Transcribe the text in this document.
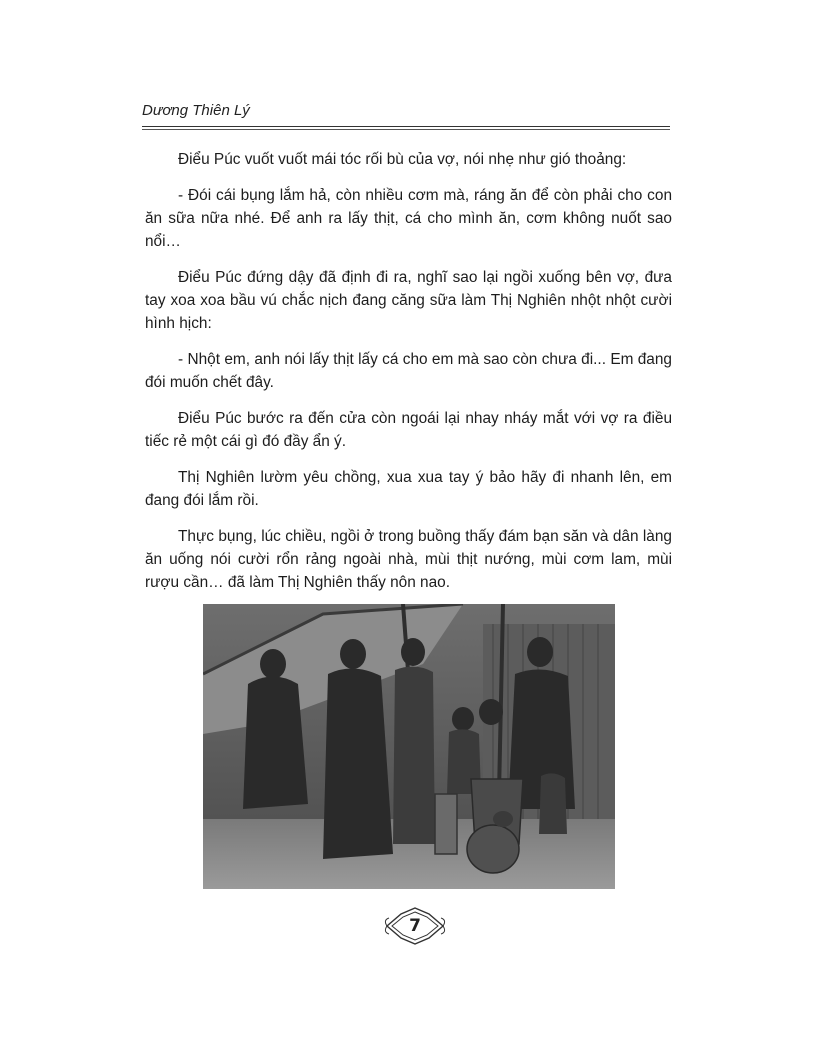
Dương Thiên Lý

Điểu Púc vuốt vuốt mái tóc rối bù của vợ, nói nhẹ như gió thoảng:

- Đói cái bụng lắm hả, còn nhiều cơm mà, ráng ăn để còn phải cho con ăn sữa nữa nhé. Để anh ra lấy thịt, cá cho mình ăn, cơm không nuốt sao nổi…

Điểu Púc đứng dậy đã định đi ra, nghĩ sao lại ngồi xuống bên vợ, đưa tay xoa xoa bầu vú chắc nịch đang căng sữa làm Thị Nghiên nhột nhột cười hình hịch:

- Nhột em, anh nói lấy thịt lấy cá cho em mà sao còn chưa đi... Em đang đói muốn chết đây.

Điểu Púc bước ra đến cửa còn ngoái lại nhay nháy mắt với vợ ra điều tiếc rẻ một cái gì đó đầy ẩn ý.

Thị Nghiên lườm yêu chồng, xua xua tay ý bảo hãy đi nhanh lên, em đang đói lắm rồi.

Thực bụng, lúc chiều, ngồi ở trong buồng thấy đám bạn săn và dân làng ăn uống nói cười rổn rảng ngoài nhà, mùi thịt nướng, mùi cơm lam, mùi rượu cần… đã làm Thị Nghiên thấy nôn nao.

7
